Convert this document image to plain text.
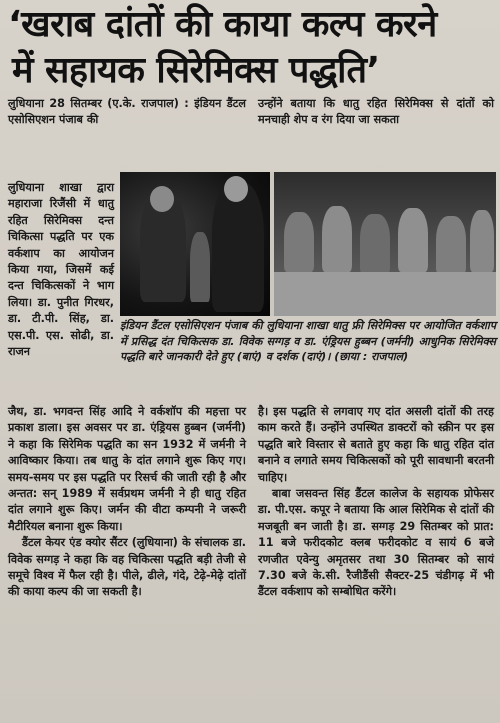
‘खराब दांतों की काया कल्प करने
में सहायक सिरेमिक्स पद्धति’

लुधियाना 28 सितम्बर (ए.के. राजपाल) : इंडियन डैंटल एसोसिएशन पंजाब की

उन्होंने बताया कि धातु रहित सिरेमिक्स से दांतों को मनचाही शेप व रंग दिया जा सकता

लुधियाना शाखा द्वारा महाराजा रिजैंसी में धातु रहित सिरेमिक्स दन्त चिकित्सा पद्धति पर एक वर्कशाप का आयोजन किया गया, जिसमें कई दन्त चिकित्सकों ने भाग लिया। डा. पुनीत गिरधर, डा. टी.पी. सिंह, डा. एस.पी. एस. सोढी, डा. राजन

इंडियन डैंटल एसोसिएशन पंजाब की लुधियाना शाखा धातु फ्री सिरेमिक्स पर आयोजित वर्कशाप में प्रसिद्ध दंत चिकित्सक डा. विवेक सग्गड़ व डा. एंड्रियस हुब्बन (जर्मनी) आधुनिक सिरेमिक्स पद्धति बारे जानकारी देते हुए (बाएं) व दर्शक (दाएं)। (छाया : राजपाल)

जैथ, डा. भगवन्त सिंह आदि ने वर्कशॉप की महत्ता पर प्रकाश डाला। इस अवसर पर डा. एंड्रियस हुब्बन (जर्मनी) ने कहा कि सिरेमिक पद्धति का सन 1932 में जर्मनी ने आविष्कार किया। तब धातु के दांत लगाने शुरू किए गए। समय-समय पर इस पद्धति पर रिसर्च की जाती रही है और अन्तत: सन् 1989 में सर्वप्रथम जर्मनी ने ही धातु रहित दांत लगाने शुरू किए। जर्मन की वीटा कम्पनी ने जरूरी मैटीरियल बनाना शुरू किया।

डैंटल केयर एंड क्योर सैंटर (लुधियाना) के संचालक डा. विवेक सग्गड़ ने कहा कि वह चिकित्सा पद्धति बड़ी तेजी से समूचे विश्व में फैल रही है। पीले, ढीले, गंदे, टेढ़े-मेढ़े दांतों की काया कल्प की जा सकती है।

है। इस पद्धति से लगवाए गए दांत असली दांतों की तरह काम करते हैं। उन्होंने उपस्थित डाक्टरों को स्क्रीन पर इस पद्धति बारे विस्तार से बताते हुए कहा कि धातु रहित दांत बनाने व लगाते समय चिकित्सकों को पूरी सावधानी बरतनी चाहिए।

बाबा जसवन्त सिंह डैंटल कालेज के सहायक प्रोफेसर डा. पी.एस. कपूर ने बताया कि आल सिरेमिक से दांतों की मजबूती बन जाती है। डा. सग्गड़ 29 सितम्बर को प्रात: 11 बजे फरीदकोट क्लब फरीदकोट व सायं 6 बजे रणजीत एवेन्यु अमृतसर तथा 30 सितम्बर को सायं 7.30 बजे के.सी. रैजीडैंसी सैक्टर-25 चंडीगढ़ में भी डैंटल वर्कशाप को सम्बोधित करेंगे।
